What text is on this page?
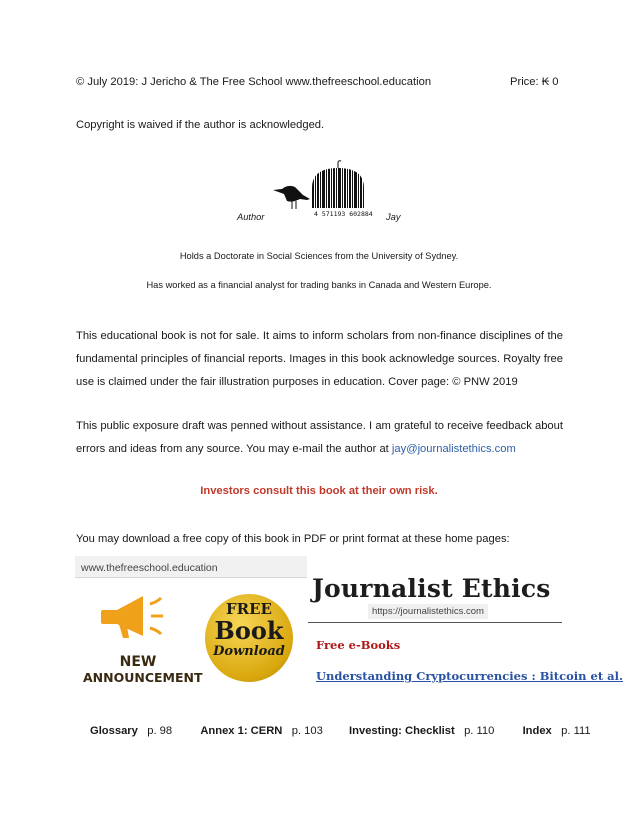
© July 2019: J Jericho & The Free School www.thefreeschool.education	Price: ₭ 0
Copyright is waived if the author is acknowledged.
4 571193 602884
Author	Jay
Holds a Doctorate in Social Sciences from the University of Sydney.
Has worked as a financial analyst for trading banks in Canada and Western Europe.
This educational book is not for sale. It aims to inform scholars from non-finance disciplines of the fundamental principles of financial reports. Images in this book acknowledge sources. Royalty free use is claimed under the fair illustration purposes in education. Cover page: © PNW 2019
This public exposure draft was penned without assistance. I am grateful to receive feedback about errors and ideas from any source. You may e-mail the author at jay@journalistethics.com
Investors consult this book at their own risk.
You may download a free copy of this book in PDF or print format at these home pages:
www.thefreeschool.education
NEW
ANNOUNCEMENT
FREE
Book
Download
Journalist Ethics
https://journalistethics.com
Free e-Books
Understanding Cryptocurrencies : Bitcoin et al.
Glossary p. 98	Annex 1: CERN p. 103 Investing: Checklist p. 110	Index p. 111
